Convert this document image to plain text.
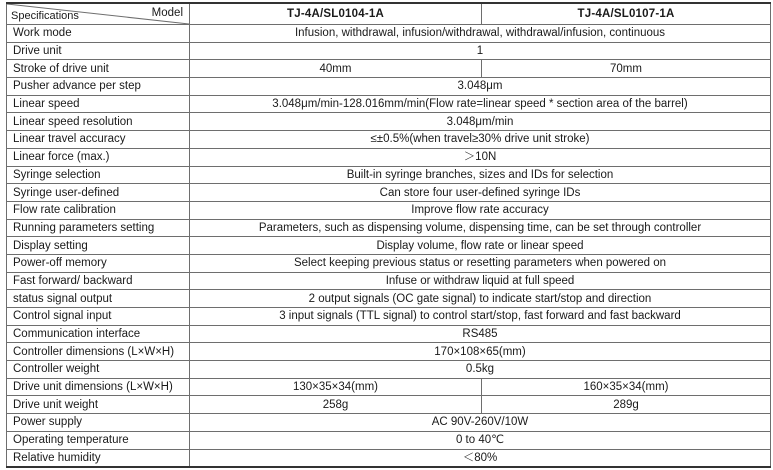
Model
Specifications	TJ-4A/SL0104-1A	TJ-4A/SL0107-1A
Work mode	Infusion, withdrawal, infusion/withdrawal, withdrawal/infusion, continuous	
Drive unit	1	
Stroke of drive unit	40mm	70mm
Pusher advance per step	3.048μm	
Linear speed	3.048μm/min-128.016mm/min(Flow rate=linear speed * section area of the barrel)	
Linear speed resolution	3.048μm/min	
Linear travel accuracy	≤±0.5%(when travel≥30% drive unit stroke)	
Linear force (max.)	＞10N	
Syringe selection	Built-in syringe branches, sizes and IDs for selection	
Syringe user-defined	Can store four user-defined syringe IDs	
Flow rate calibration	Improve flow rate accuracy	
Running parameters setting	Parameters, such as dispensing volume, dispensing time, can be set through controller	
Display setting	Display volume, flow rate or linear speed	
Power-off memory	Select keeping previous status or resetting parameters when powered on	
Fast forward/ backward	Infuse or withdraw liquid at full speed	
status signal output	2 output signals (OC gate signal) to indicate start/stop and direction	
Control signal input	3 input signals (TTL signal) to control start/stop, fast forward and fast backward	
Communication interface	RS485	
Controller dimensions (L×W×H)	170×108×65(mm)	
Controller weight	0.5kg	
Drive unit dimensions (L×W×H)	130×35×34(mm)	160×35×34(mm)
Drive unit weight	258g	289g
Power supply	AC 90V-260V/10W	
Operating temperature	0 to 40℃	
Relative humidity	＜80%	
